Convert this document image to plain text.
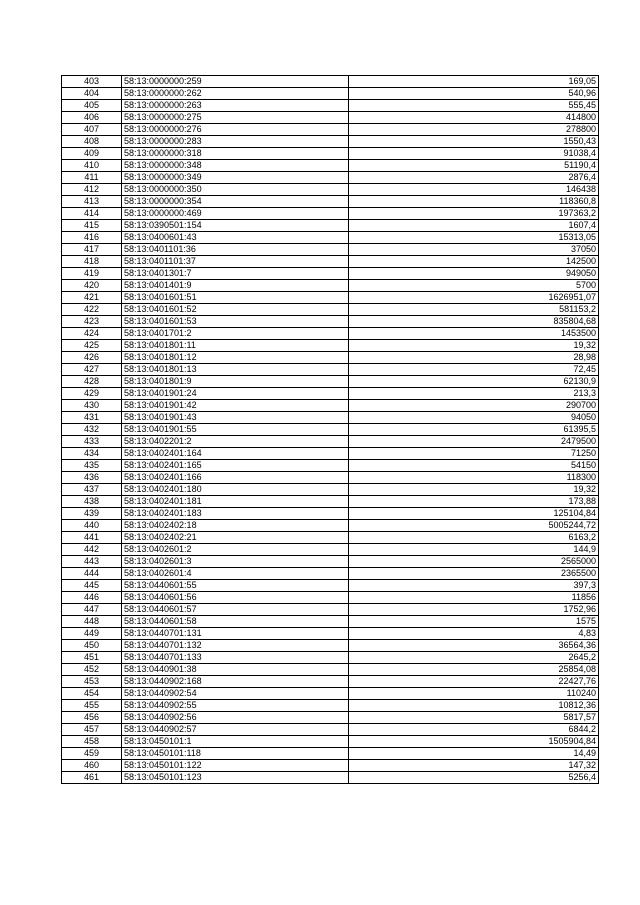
403	58:13:0000000:259	169,05
404	58:13:0000000:262	540,96
405	58:13:0000000:263	555,45
406	58:13:0000000:275	414800
407	58:13:0000000:276	278800
408	58:13:0000000:283	1550,43
409	58:13:0000000:318	91038,4
410	58:13:0000000:348	51190,4
411	58:13:0000000:349	2876,4
412	58:13:0000000:350	146438
413	58:13:0000000:354	118360,8
414	58:13:0000000:469	197363,2
415	58:13:0390501:154	1607,4
416	58:13:0400601:43	15313,05
417	58:13:0401101:36	37050
418	58:13:0401101:37	142500
419	58:13:0401301:7	949050
420	58:13:0401401:9	5700
421	58:13:0401601:51	1626951,07
422	58:13:0401601:52	581153,2
423	58:13:0401601:53	835804,68
424	58:13:0401701:2	1453500
425	58:13:0401801:11	19,32
426	58:13:0401801:12	28,98
427	58:13:0401801:13	72,45
428	58:13:0401801:9	62130,9
429	58:13:0401901:24	213,3
430	58:13:0401901:42	290700
431	58:13:0401901:43	94050
432	58:13:0401901:55	61395,5
433	58:13:0402201:2	2479500
434	58:13:0402401:164	71250
435	58:13:0402401:165	54150
436	58:13:0402401:166	118300
437	58:13:0402401:180	19,32
438	58:13:0402401:181	173,88
439	58:13:0402401:183	125104,84
440	58:13:0402402:18	5005244,72
441	58:13:0402402:21	6163,2
442	58:13:0402601:2	144,9
443	58:13:0402601:3	2565000
444	58:13:0402601:4	2365500
445	58:13:0440601:55	397,3
446	58:13:0440601:56	11856
447	58:13:0440601:57	1752,96
448	58:13:0440601:58	1575
449	58:13:0440701:131	4,83
450	58:13:0440701:132	36564,36
451	58:13:0440701:133	2645,2
452	58:13:0440901:38	25854,08
453	58:13:0440902:168	22427,76
454	58:13:0440902:54	110240
455	58:13:0440902:55	10812,36
456	58:13:0440902:56	5817,57
457	58:13:0440902:57	6844,2
458	58:13:0450101:1	1505904,84
459	58:13:0450101:118	14,49
460	58:13:0450101:122	147,32
461	58:13:0450101:123	5256,4
